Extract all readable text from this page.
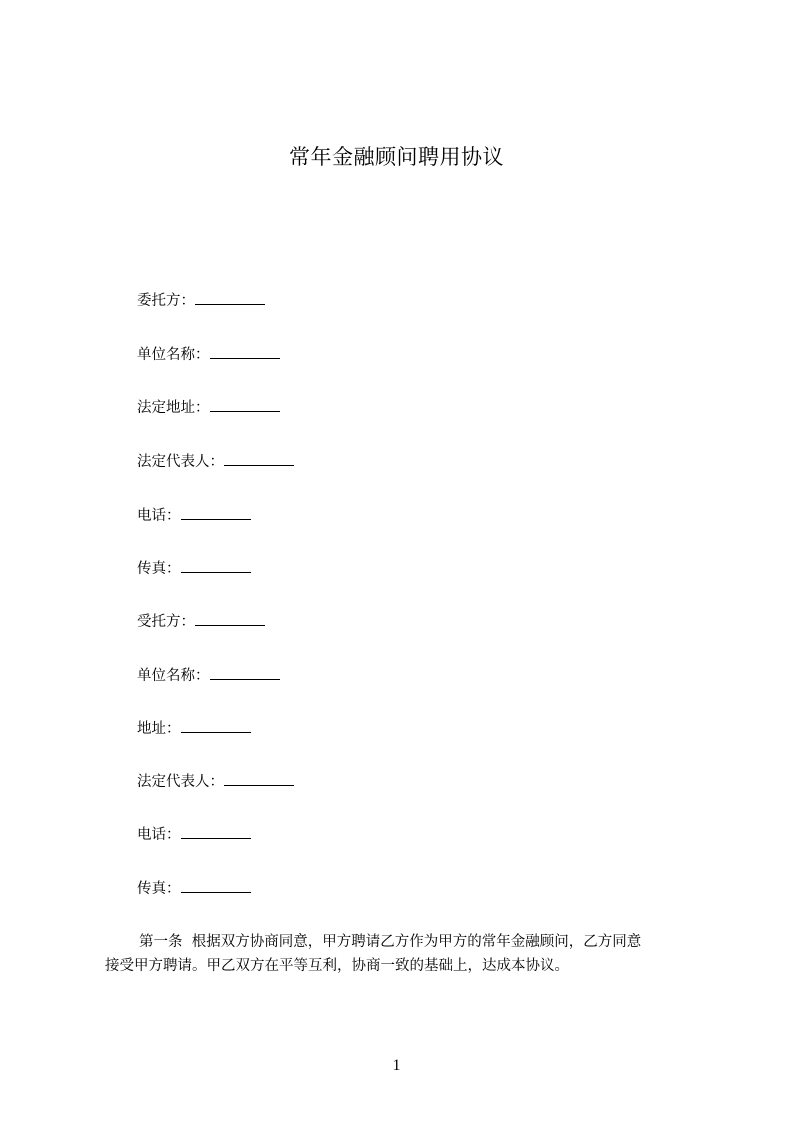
常年金融顾问聘用协议
委托方：
单位名称：
法定地址：
法定代表人：
电话：
传真：
受托方：
单位名称：
地址：
法定代表人：
电话：
传真：
第一条 根据双方协商同意，甲方聘请乙方作为甲方的常年金融顾问，乙方同意
接受甲方聘请。甲乙双方在平等互利，协商一致的基础上，达成本协议。
1
